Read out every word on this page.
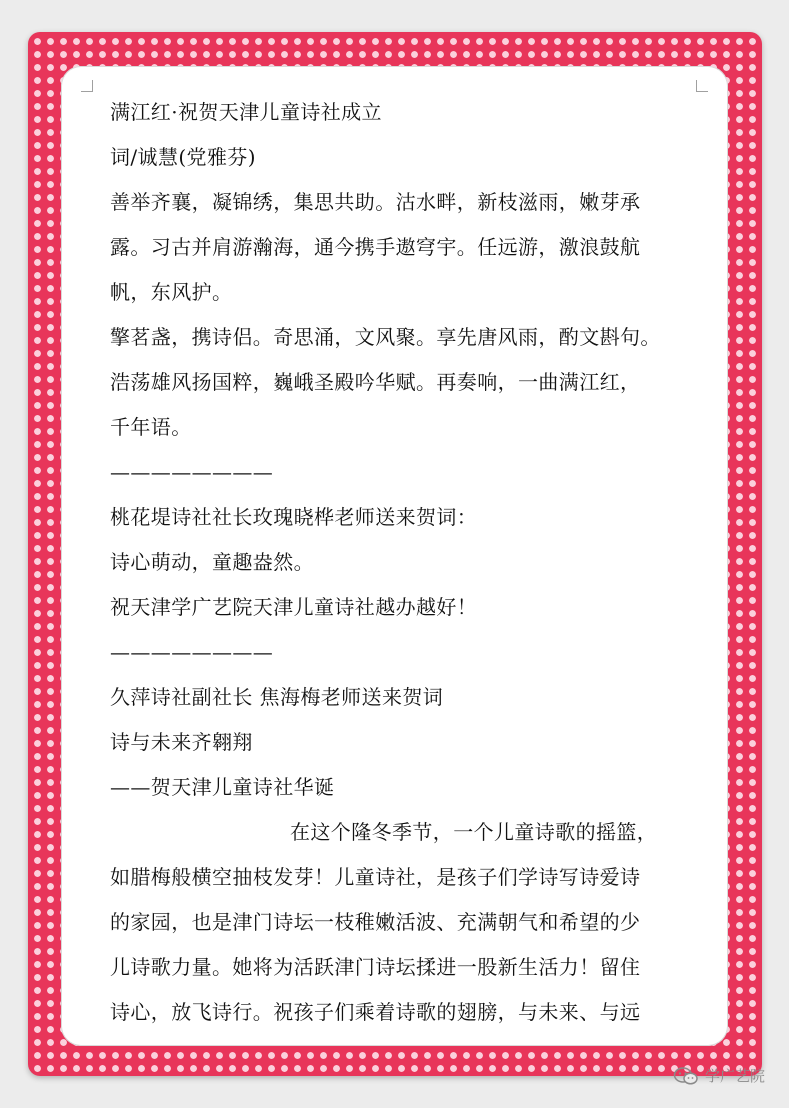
满江红·祝贺天津儿童诗社成立
词/诚慧(党雅芬)
善举齐襄，凝锦绣，集思共助。沽水畔，新枝滋雨，嫩芽承
露。习古并肩游瀚海，通今携手遨穹宇。任远游，激浪鼓航
帆，东风护。
擎茗盏，携诗侣。奇思涌，文风聚。享先唐风雨，酌文斟句。
浩荡雄风扬国粹，巍峨圣殿吟华赋。再奏响，一曲满江红，
千年语。
————————
桃花堤诗社社长玫瑰晓桦老师送来贺词：
诗心萌动，童趣盎然。
祝天津学广艺院天津儿童诗社越办越好！
————————
久萍诗社副社长 焦海梅老师送来贺词
诗与未来齐翱翔
——贺天津儿童诗社华诞
在这个隆冬季节，一个儿童诗歌的摇篮，
如腊梅般横空抽枝发芽！儿童诗社，是孩子们学诗写诗爱诗
的家园，也是津门诗坛一枝稚嫩活波、充满朝气和希望的少
儿诗歌力量。她将为活跃津门诗坛揉进一股新生活力！留住
诗心，放飞诗行。祝孩子们乘着诗歌的翅膀，与未来、与远
学广艺院
